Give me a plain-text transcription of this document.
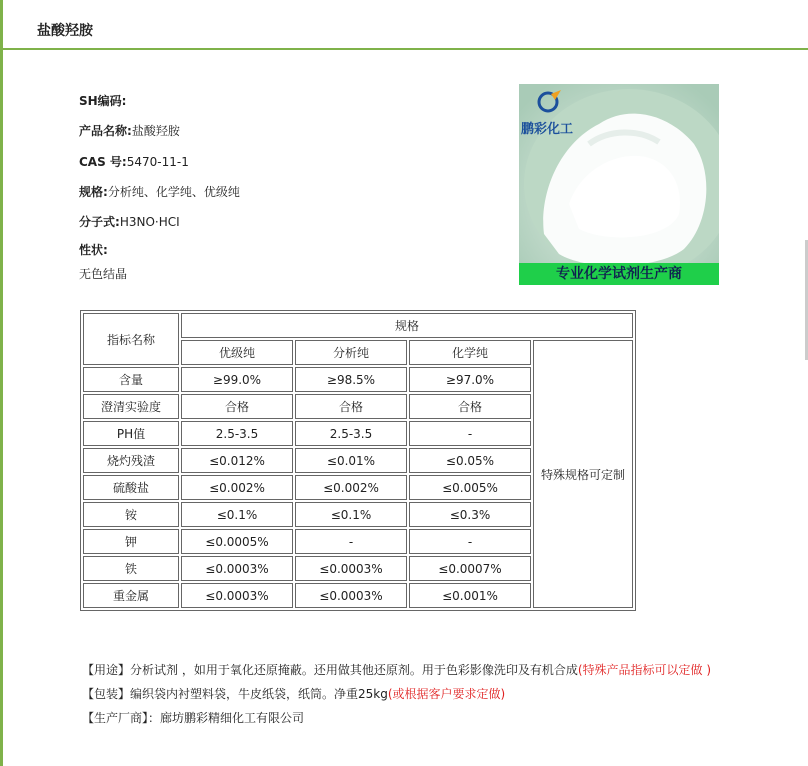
盐酸羟胺
SH编码:
产品名称:盐酸羟胺
CAS 号:5470-11-1
规格:分析纯、化学纯、优级纯
分子式:H3NO·HCI
性状:
无色结晶
鹏彩化工
专业化学试剂生产商
指标名称	规格			
	优级纯	分析纯	化学纯	特殊规格可定制
含量	≥99.0%	≥98.5%	≥97.0%	
澄清实验度	合格	合格	合格	
PH值	2.5-3.5	2.5-3.5	-	
烧灼残渣	≤0.012%	≤0.01%	≤0.05%	
硫酸盐	≤0.002%	≤0.002%	≤0.005%	
铵	≤0.1%	≤0.1%	≤0.3%	
钾	≤0.0005%	-	-	
铁	≤0.0003%	≤0.0003%	≤0.0007%	
重金属	≤0.0003%	≤0.0003%	≤0.001%	
【用途】分析试剂 ，如用于氧化还原掩蔽。还用做其他还原剂。用于色彩影像洗印及有机合成(特殊产品指标可以定做 )
【包装】编织袋内衬塑料袋，牛皮纸袋，纸筒。净重25kg(或根据客户要求定做)
【生产厂商】：廊坊鹏彩精细化工有限公司
